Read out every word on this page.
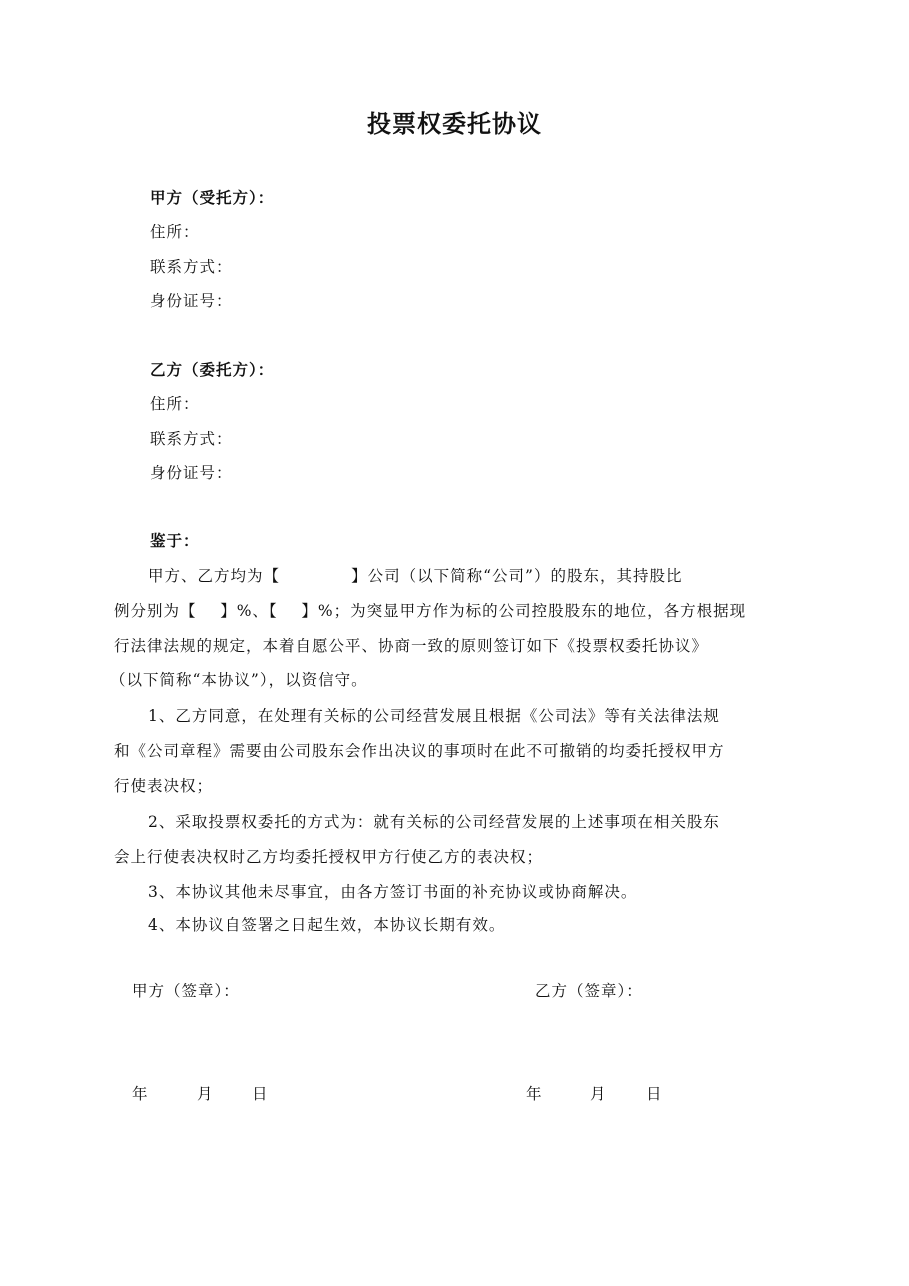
投票权委托协议
甲方（受托方）：
住所：
联系方式：
身份证号：
乙方（委托方）：
住所：
联系方式：
身份证号：
鉴于：
甲方、乙方均为【            】公司（以下简称“公司”）的股东，其持股比
例分别为【    】%、【    】%；为突显甲方作为标的公司控股股东的地位，各方根据现
行法律法规的规定，本着自愿公平、协商一致的原则签订如下《投票权委托协议》
（以下简称“本协议”），以资信守。
1、乙方同意，在处理有关标的公司经营发展且根据《公司法》等有关法律法规
和《公司章程》需要由公司股东会作出决议的事项时在此不可撤销的均委托授权甲方
行使表决权；
2、采取投票权委托的方式为：就有关标的公司经营发展的上述事项在相关股东
会上行使表决权时乙方均委托授权甲方行使乙方的表决权；
3、本协议其他未尽事宜，由各方签订书面的补充协议或协商解决。
4、本协议自签署之日起生效，本协议长期有效。
甲方（签章）：	乙方（签章）：
年	月 日	年	月	日
